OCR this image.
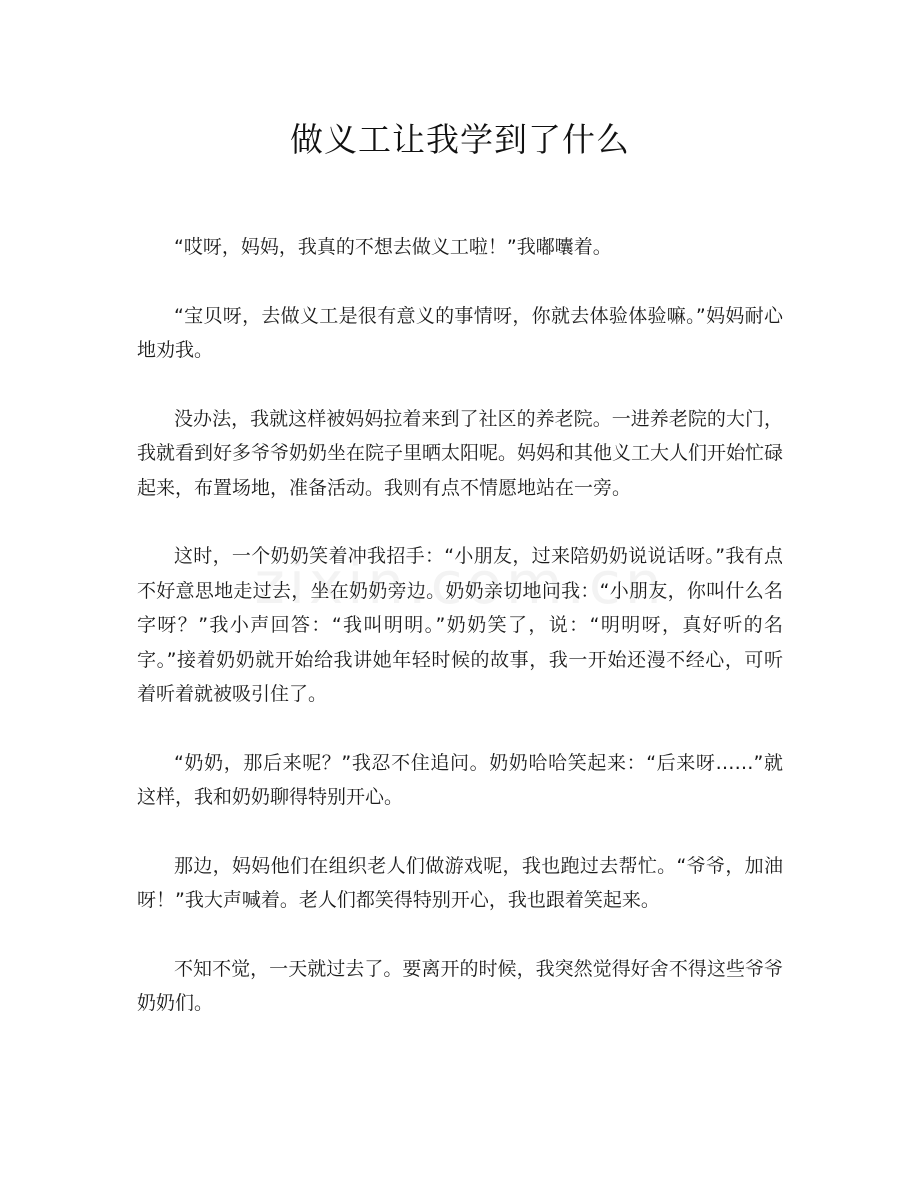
做义工让我学到了什么

“哎呀，妈妈，我真的不想去做义工啦！”我嘟囔着。

“宝贝呀，去做义工是很有意义的事情呀，你就去体验体验嘛。”妈妈耐心地劝我。

没办法，我就这样被妈妈拉着来到了社区的养老院。一进养老院的大门，我就看到好多爷爷奶奶坐在院子里晒太阳呢。妈妈和其他义工大人们开始忙碌起来，布置场地，准备活动。我则有点不情愿地站在一旁。

这时，一个奶奶笑着冲我招手：“小朋友，过来陪奶奶说说话呀。”我有点不好意思地走过去，坐在奶奶旁边。奶奶亲切地问我：“小朋友，你叫什么名字呀？”我小声回答：“我叫明明。”奶奶笑了，说：“明明呀，真好听的名字。”接着奶奶就开始给我讲她年轻时候的故事，我一开始还漫不经心，可听着听着就被吸引住了。

“奶奶，那后来呢？”我忍不住追问。奶奶哈哈笑起来：“后来呀……”就这样，我和奶奶聊得特别开心。

那边，妈妈他们在组织老人们做游戏呢，我也跑过去帮忙。“爷爷，加油呀！”我大声喊着。老人们都笑得特别开心，我也跟着笑起来。

不知不觉，一天就过去了。要离开的时候，我突然觉得好舍不得这些爷爷奶奶们。
